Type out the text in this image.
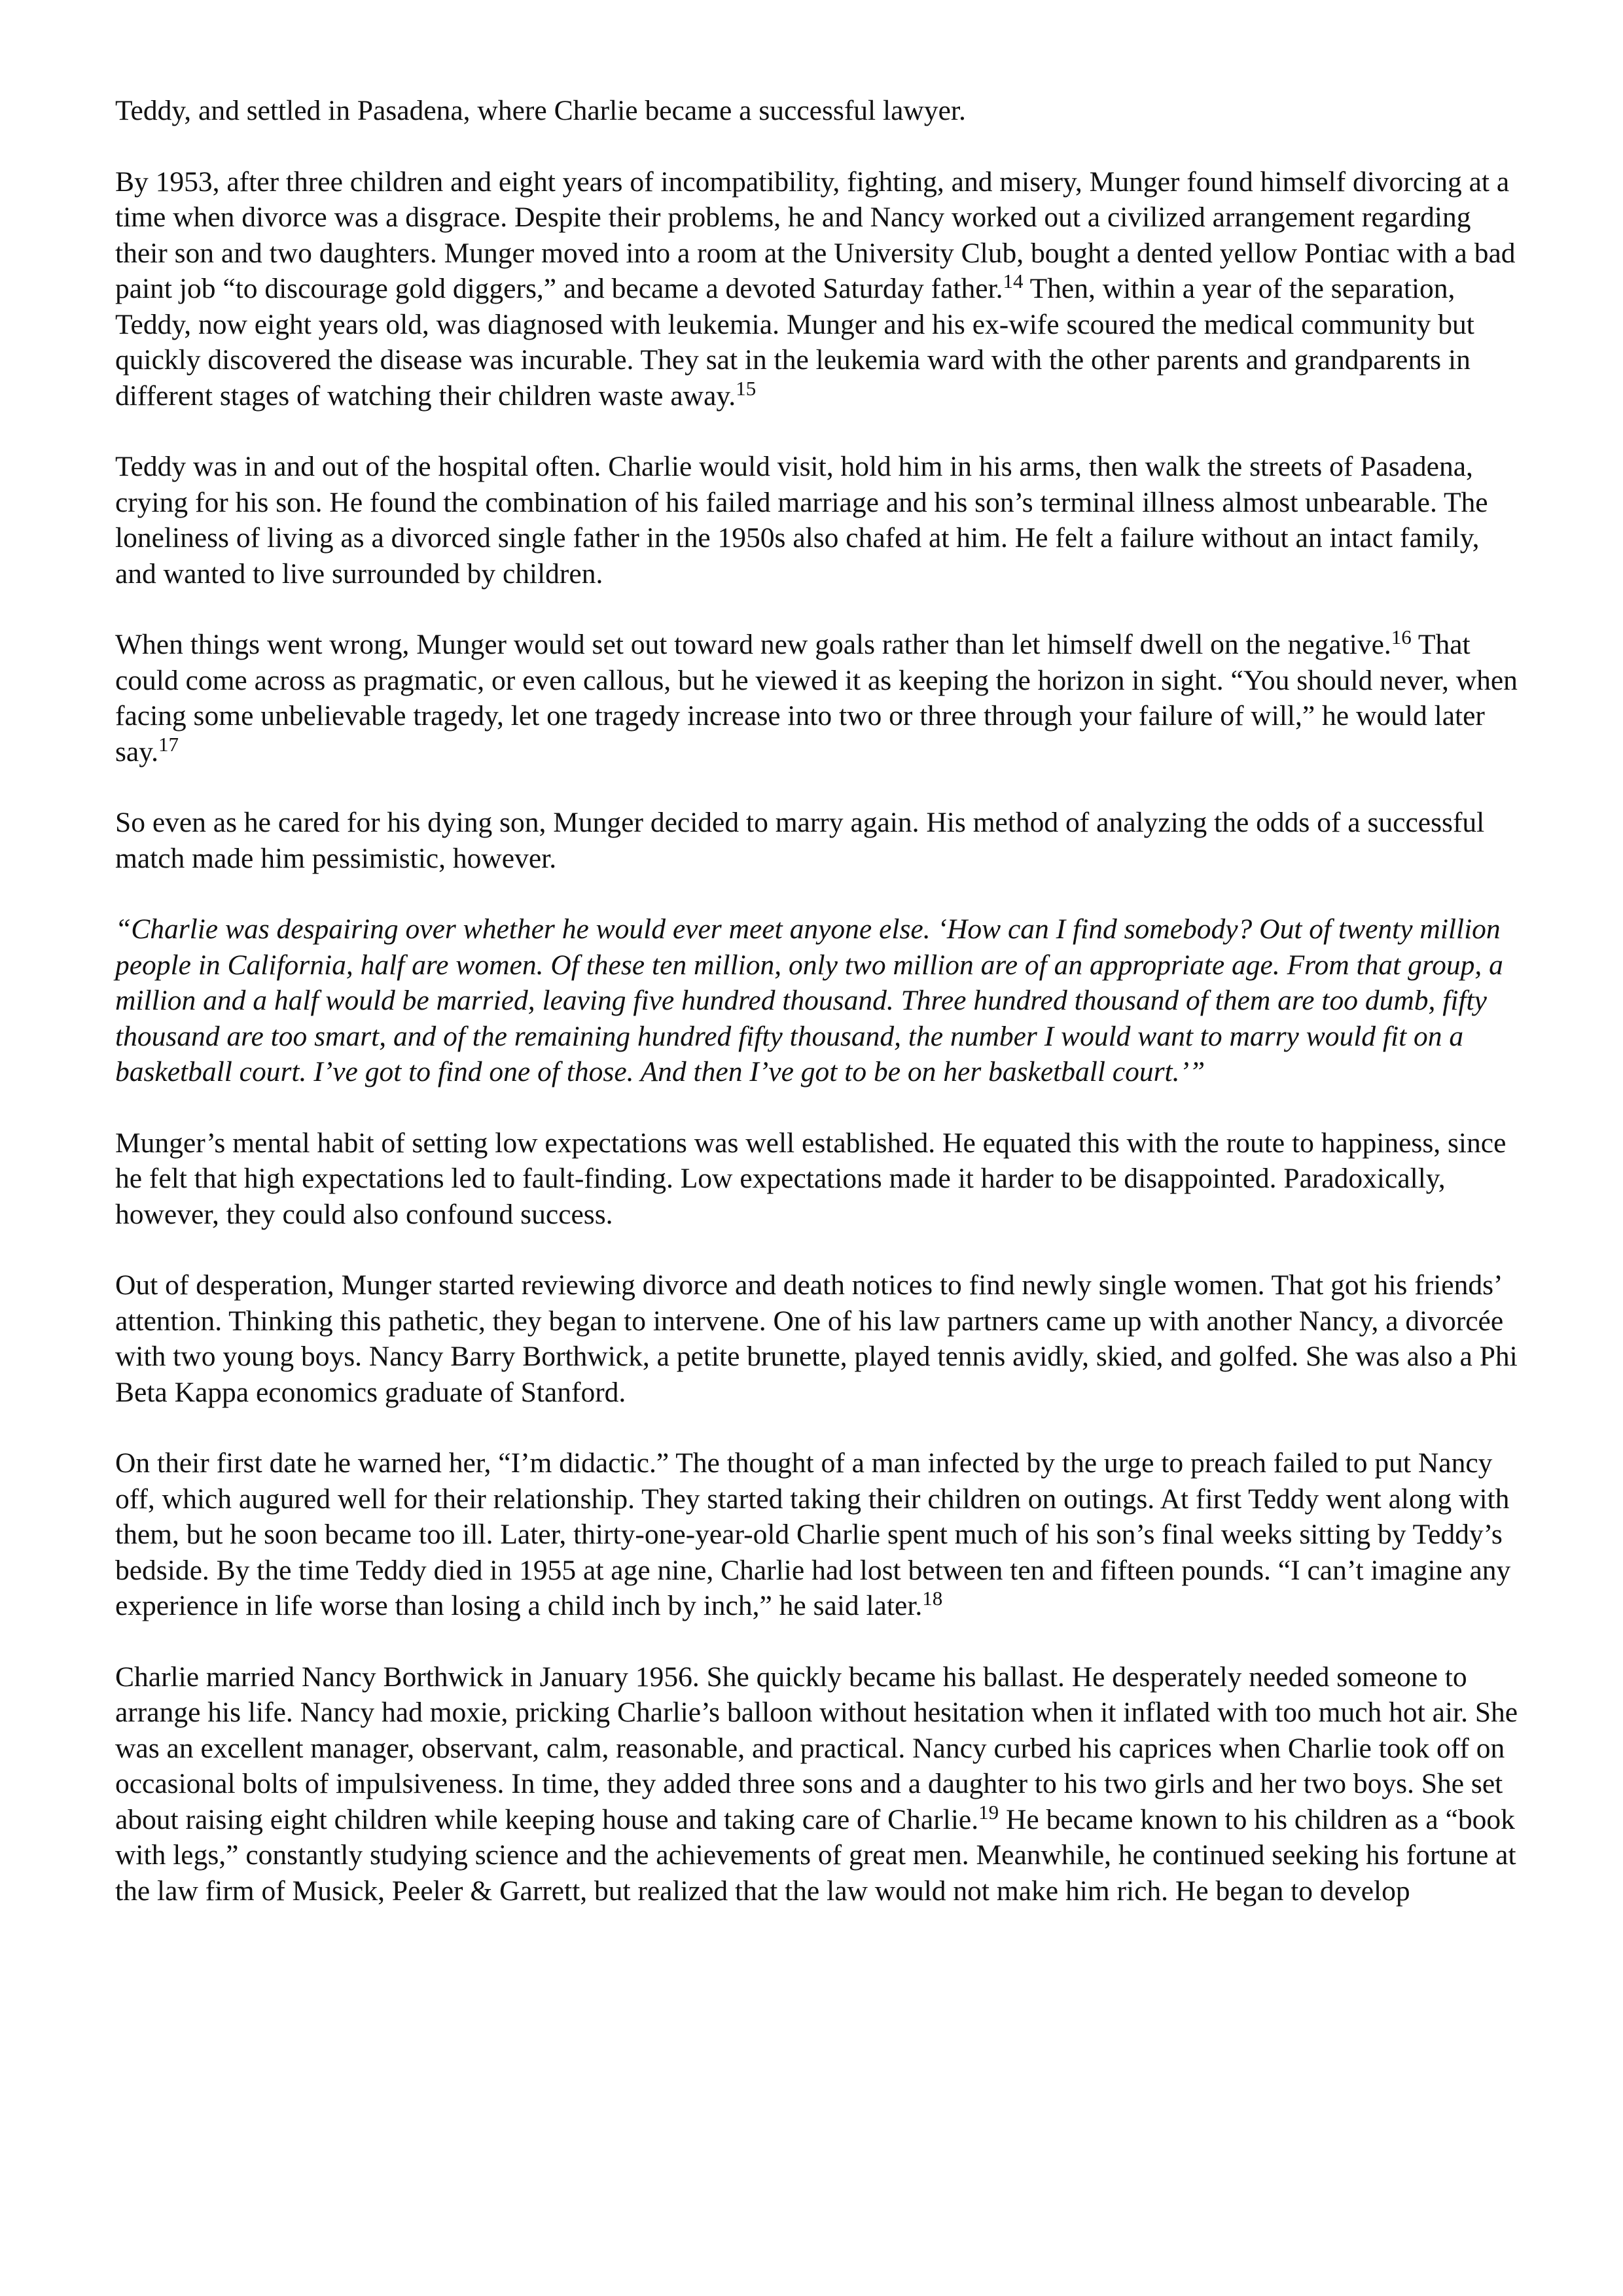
Teddy, and settled in Pasadena, where Charlie became a successful lawyer.

By 1953, after three children and eight years of incompatibility, fighting, and misery, Munger found himself divorcing at a time when divorce was a disgrace. Despite their problems, he and Nancy worked out a civilized arrangement regarding their son and two daughters. Munger moved into a room at the University Club, bought a dented yellow Pontiac with a bad paint job “to discourage gold diggers,” and became a devoted Saturday father.$^{14}$ Then, within a year of the separation, Teddy, now eight years old, was diagnosed with leukemia. Munger and his ex-wife scoured the medical community but quickly discovered the disease was incurable. They sat in the leukemia ward with the other parents and grandparents in different stages of watching their children waste away.$^{15}$

Teddy was in and out of the hospital often. Charlie would visit, hold him in his arms, then walk the streets of Pasadena, crying for his son. He found the combination of his failed marriage and his son’s terminal illness almost unbearable. The loneliness of living as a divorced single father in the 1950s also chafed at him. He felt a failure without an intact family, and wanted to live surrounded by children.

When things went wrong, Munger would set out toward new goals rather than let himself dwell on the negative.$^{16}$ That could come across as pragmatic, or even callous, but he viewed it as keeping the horizon in sight. “You should never, when facing some unbelievable tragedy, let one tragedy increase into two or three through your failure of will,” he would later say.$^{17}$

So even as he cared for his dying son, Munger decided to marry again. His method of analyzing the odds of a successful match made him pessimistic, however.

“Charlie was despairing over whether he would ever meet anyone else. ‘How can I find somebody? Out of twenty million people in California, half are women. Of these ten million, only two million are of an appropriate age. From that group, a million and a half would be married, leaving five hundred thousand. Three hundred thousand of them are too dumb, fifty thousand are too smart, and of the remaining hundred fifty thousand, the number I would want to marry would fit on a basketball court. I’ve got to find one of those. And then I’ve got to be on her basketball court.’”

Munger’s mental habit of setting low expectations was well established. He equated this with the route to happiness, since he felt that high expectations led to fault-finding. Low expectations made it harder to be disappointed. Paradoxically, however, they could also confound success.

Out of desperation, Munger started reviewing divorce and death notices to find newly single women. That got his friends’ attention. Thinking this pathetic, they began to intervene. One of his law partners came up with another Nancy, a divorcée with two young boys. Nancy Barry Borthwick, a petite brunette, played tennis avidly, skied, and golfed. She was also a Phi Beta Kappa economics graduate of Stanford.

On their first date he warned her, “I’m didactic.” The thought of a man infected by the urge to preach failed to put Nancy off, which augured well for their relationship. They started taking their children on outings. At first Teddy went along with them, but he soon became too ill. Later, thirty-one-year-old Charlie spent much of his son’s final weeks sitting by Teddy’s bedside. By the time Teddy died in 1955 at age nine, Charlie had lost between ten and fifteen pounds. “I can’t imagine any experience in life worse than losing a child inch by inch,” he said later.$^{18}$

Charlie married Nancy Borthwick in January 1956. She quickly became his ballast. He desperately needed someone to arrange his life. Nancy had moxie, pricking Charlie’s balloon without hesitation when it inflated with too much hot air. She was an excellent manager, observant, calm, reasonable, and practical. Nancy curbed his caprices when Charlie took off on occasional bolts of impulsiveness. In time, they added three sons and a daughter to his two girls and her two boys. She set about raising eight children while keeping house and taking care of Charlie.$^{19}$ He became known to his children as a “book with legs,” constantly studying science and the achievements of great men. Meanwhile, he continued seeking his fortune at the law firm of Musick, Peeler & Garrett, but realized that the law would not make him rich. He began to develop
